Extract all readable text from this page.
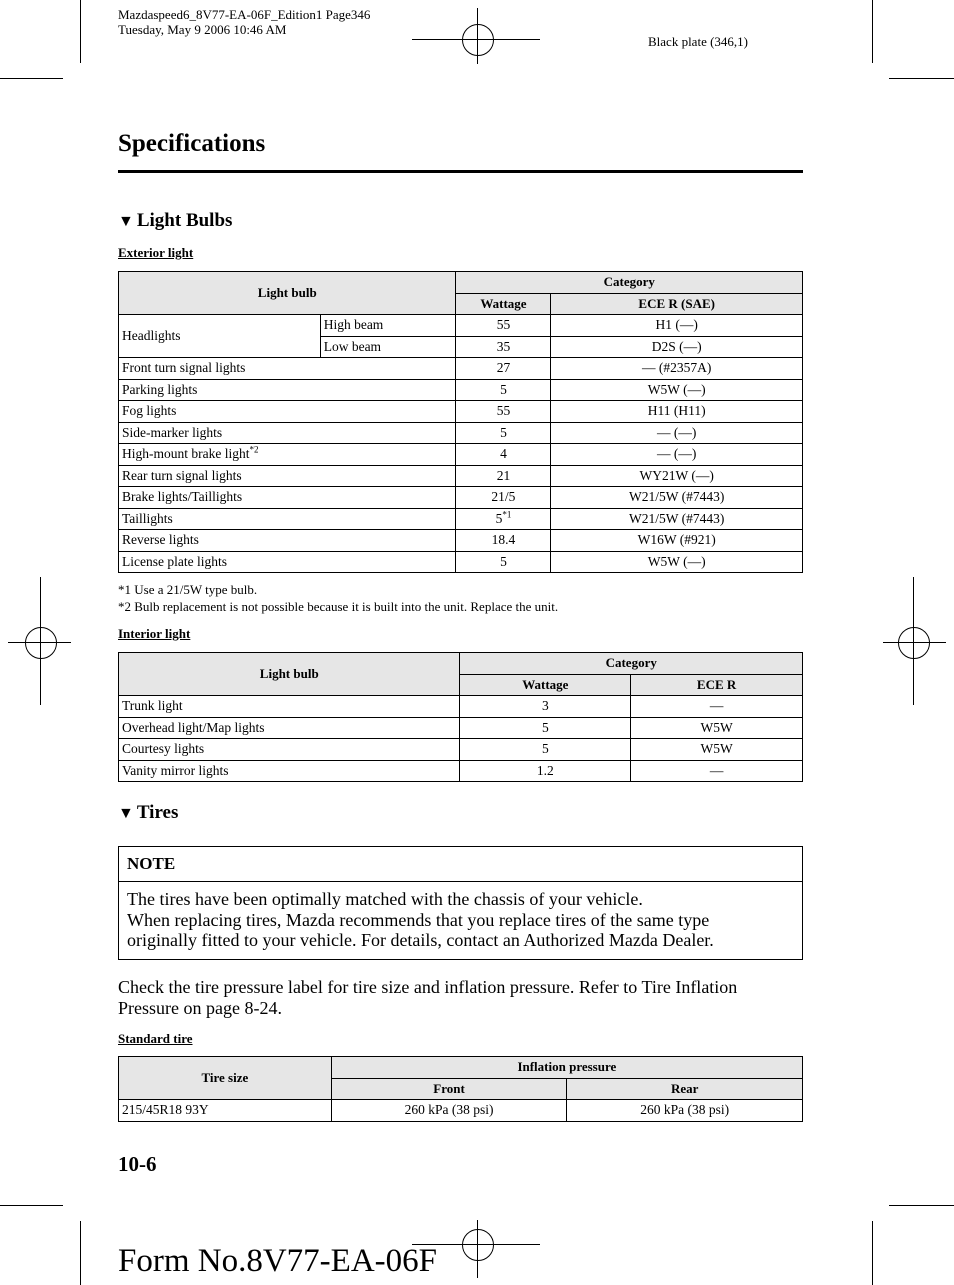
Mazdaspeed6_8V77-EA-06F_Edition1 Page346
Tuesday, May 9 2006 10:46 AM
Black plate (346,1)
Specifications
▼ Light Bulbs
Exterior light
Light bulb		Category	
		Wattage	ECE R (SAE)
Headlights	High beam	55	H1 (—)
	Low beam	35	D2S (—)
Front turn signal lights		27	— (#2357A)
Parking lights		5	W5W (—)
Fog lights		55	H11 (H11)
Side-marker lights		5	— (—)
High-mount brake light$^{*2}$		4	— (—)
Rear turn signal lights		21	WY21W (—)
Brake lights/Taillights		21/5	W21/5W (#7443)
Taillights		5$^{*1}$	W21/5W (#7443)
Reverse lights		18.4	W16W (#921)
License plate lights		5	W5W (—)
*1 Use a 21/5W type bulb.
*2 Bulb replacement is not possible because it is built into the unit. Replace the unit.
Interior light
Light bulb	Category	
	Wattage	ECE R
Trunk light	3	—
Overhead light/Map lights	5	W5W
Courtesy lights	5	W5W
Vanity mirror lights	1.2	—
▼ Tires
NOTE
The tires have been optimally matched with the chassis of your vehicle.
When replacing tires, Mazda recommends that you replace tires of the same type
originally fitted to your vehicle. For details, contact an Authorized Mazda Dealer.
Check the tire pressure label for tire size and inflation pressure. Refer to Tire Inflation
Pressure on page 8-24.
Standard tire
Tire size	Inflation pressure	
	Front	Rear
215/45R18 93Y	260 kPa (38 psi)	260 kPa (38 psi)
10-6
Form No.8V77-EA-06F
